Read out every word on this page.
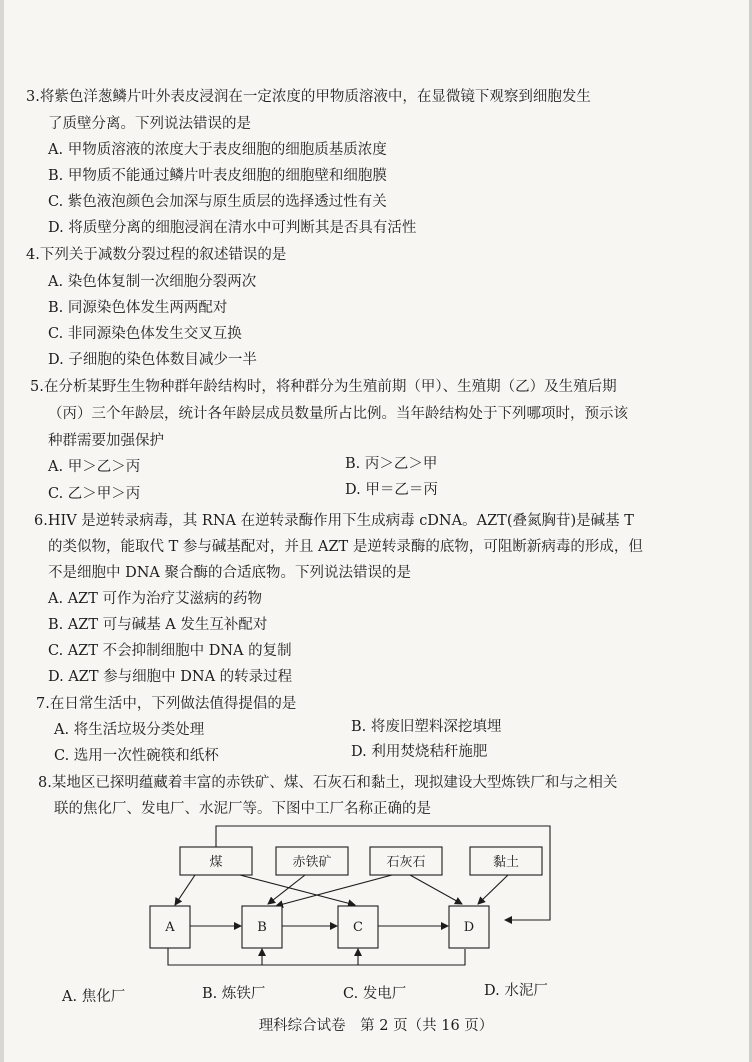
3.将紫色洋葱鳞片叶外表皮浸润在一定浓度的甲物质溶液中，在显微镜下观察到细胞发生
了质壁分离。下列说法错误的是
A. 甲物质溶液的浓度大于表皮细胞的细胞质基质浓度
B. 甲物质不能通过鳞片叶表皮细胞的细胞壁和细胞膜
C. 紫色液泡颜色会加深与原生质层的选择透过性有关
D. 将质壁分离的细胞浸润在清水中可判断其是否具有活性
4.下列关于减数分裂过程的叙述错误的是
A. 染色体复制一次细胞分裂两次
B. 同源染色体发生两两配对
C. 非同源染色体发生交叉互换
D. 子细胞的染色体数目减少一半
5.在分析某野生生物种群年龄结构时，将种群分为生殖前期（甲）、生殖期（乙）及生殖后期
（丙）三个年龄层，统计各年龄层成员数量所占比例。当年龄结构处于下列哪项时，预示该
种群需要加强保护
A. 甲＞乙＞丙	B. 丙＞乙＞甲
C. 乙＞甲＞丙	D. 甲＝乙＝丙
6.HIV 是逆转录病毒，其 RNA 在逆转录酶作用下生成病毒 cDNA。AZT(叠氮胸苷)是碱基 T
的类似物，能取代 T 参与碱基配对，并且 AZT 是逆转录酶的底物，可阻断新病毒的形成，但
不是细胞中 DNA 聚合酶的合适底物。下列说法错误的是
A. AZT 可作为治疗艾滋病的药物
B. AZT 可与碱基 A 发生互补配对
C. AZT 不会抑制细胞中 DNA 的复制
D. AZT 参与细胞中 DNA 的转录过程
7.在日常生活中，下列做法值得提倡的是
A. 将生活垃圾分类处理	B. 将废旧塑料深挖填埋
C. 选用一次性碗筷和纸杯	D. 利用焚烧秸秆施肥
8.某地区已探明蕴藏着丰富的赤铁矿、煤、石灰石和黏土，现拟建设大型炼铁厂和与之相关
联的焦化厂、发电厂、水泥厂等。下图中工厂名称正确的是
煤	赤铁矿	石灰石	黏土
A	B	C	D
A. 焦化厂	B. 炼铁厂	C. 发电厂	D. 水泥厂
理科综合试卷　第 2 页（共 16 页）
